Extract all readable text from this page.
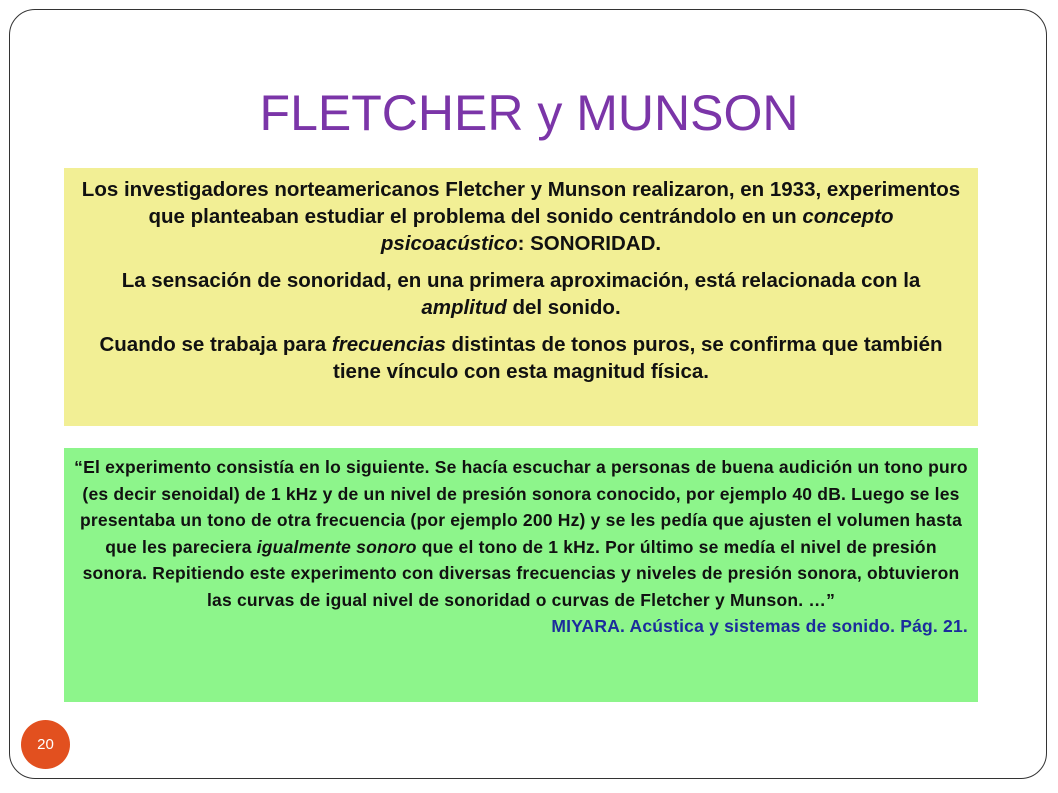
FLETCHER y MUNSON

Los investigadores norteamericanos Fletcher y Munson realizaron, en 1933, experimentos que planteaban estudiar el problema del sonido centrándolo en un concepto psicoacústico: SONORIDAD.

La sensación de sonoridad, en una primera aproximación, está relacionada con la amplitud del sonido.

Cuando se trabaja para frecuencias distintas de tonos puros, se confirma que también tiene vínculo con esta magnitud física.

“El experimento consistía en lo siguiente. Se hacía escuchar a personas de buena audición un tono puro (es decir senoidal) de 1 kHz y de un nivel de presión sonora conocido, por ejemplo 40 dB. Luego se les presentaba un tono de otra frecuencia (por ejemplo 200 Hz) y se les pedía que ajusten el volumen hasta que les pareciera igualmente sonoro que el tono de 1 kHz. Por último se medía el nivel de presión sonora. Repitiendo este experimento con diversas frecuencias y niveles de presión sonora, obtuvieron las curvas de igual nivel de sonoridad o curvas de Fletcher y Munson. …”

MIYARA. Acústica y sistemas de sonido. Pág. 21.

20
